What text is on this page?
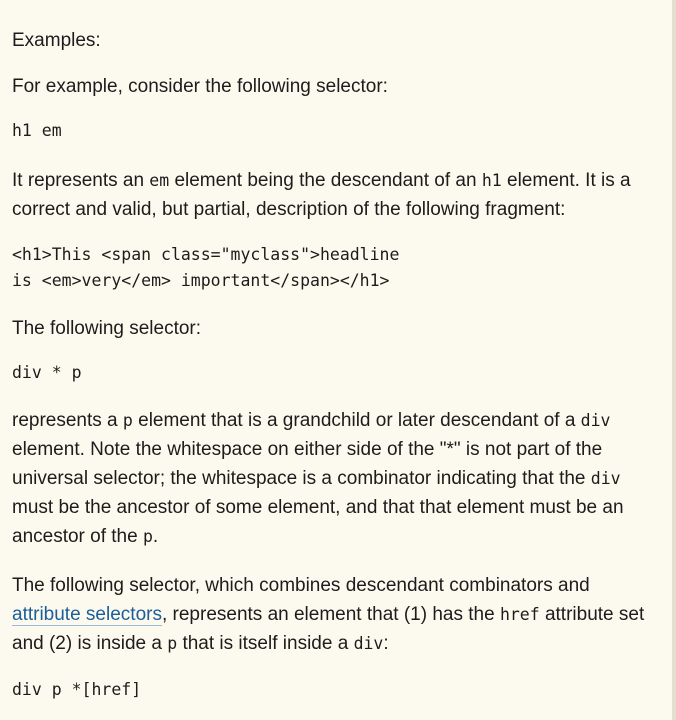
Examples:

For example, consider the following selector:

h1 em

It represents an em element being the descendant of an h1 element. It is a correct and valid, but partial, description of the following fragment:

<h1>This <span class="myclass">headline
is <em>very</em> important</span></h1>

The following selector:

div * p

represents a p element that is a grandchild or later descendant of a div element. Note the whitespace on either side of the "*" is not part of the universal selector; the whitespace is a combinator indicating that the div must be the ancestor of some element, and that that element must be an ancestor of the p.

The following selector, which combines descendant combinators and attribute selectors, represents an element that (1) has the href attribute set and (2) is inside a p that is itself inside a div:

div p *[href]
